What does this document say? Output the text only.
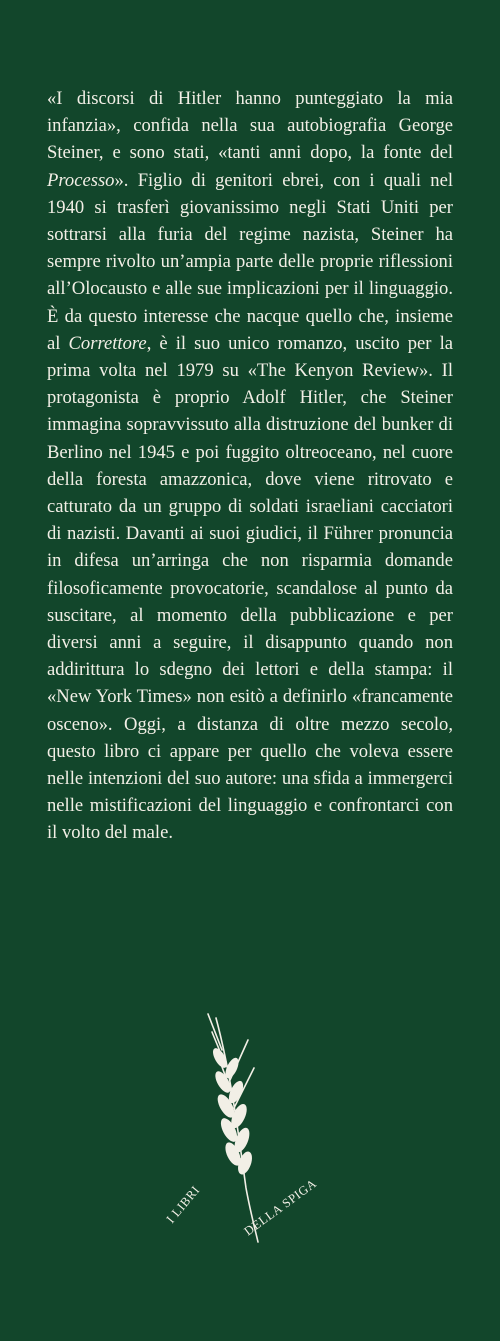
«I discorsi di Hitler hanno punteggiato la mia infanzia», confida nella sua autobiografia George Steiner, e sono stati, «tanti anni dopo, la fonte del Processo». Figlio di genitori ebrei, con i quali nel 1940 si trasferì giovanissimo negli Stati Uniti per sottrarsi alla furia del regime nazista, Steiner ha sempre rivolto un’ampia parte delle proprie riflessioni all’Olocausto e alle sue implicazioni per il linguaggio. È da questo interesse che nacque quello che, insieme al Correttore, è il suo unico romanzo, uscito per la prima volta nel 1979 su «The Kenyon Review». Il protagonista è proprio Adolf Hitler, che Steiner immagina sopravvissuto alla distruzione del bunker di Berlino nel 1945 e poi fuggito oltreoceano, nel cuore della foresta amazzonica, dove viene ritrovato e catturato da un gruppo di soldati israeliani cacciatori di nazisti. Davanti ai suoi giudici, il Führer pronuncia in difesa un’arringa che non risparmia domande filosoficamente provocatorie, scandalose al punto da suscitare, al momento della pubblicazione e per diversi anni a seguire, il disappunto quando non addirittura lo sdegno dei lettori e della stampa: il «New York Times» non esitò a definirlo «francamente osceno». Oggi, a distanza di oltre mezzo secolo, questo libro ci appare per quello che voleva essere nelle intenzioni del suo autore: una sfida a immergerci nelle mistificazioni del linguaggio e confrontarci con il volto del male.

I LIBRI
DELLA SPIGA
